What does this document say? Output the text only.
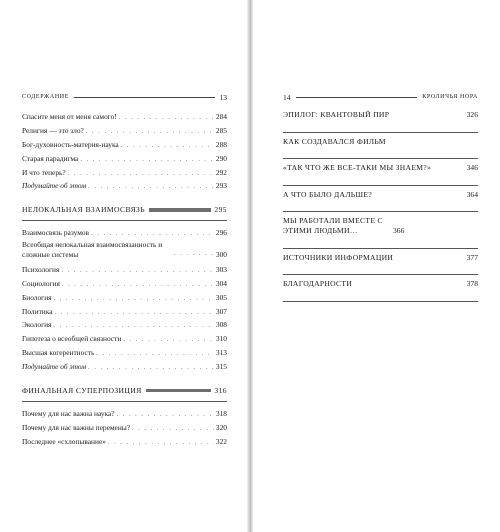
СОДЕРЖАНИЕ	13
Спасите меня от меня самого! . . .	284
Религия — это зло? . . .	285
Бог-духовность-материя-наука . . .	288
Старая парадигма . . .	290
И что теперь? . . .	292
Подумайте об этом . . .	293
НЕЛОКАЛЬНАЯ ВЗАИМОСВЯЗЬ	295
Взаимосвязь разумов . . .	296
Всеобщая нелокальная взаимосвязанность и сложные системы . . .	300
Психология . . .	303
Социология . . .	304
Биология . . .	305
Политика . . .	307
Экология . . .	308
Гипотеза о всеобщей связности . . .	310
Высшая когерентность . . .	313
Подумайте об этом . . .	315
ФИНАЛЬНАЯ СУПЕРПОЗИЦИЯ	316
Почему для нас важна наука? . . .	318
Почему для нас важны перемены? . . .	320
Последнее «схлопывание» . . .	322
14	КРОЛИЧЬЯ НОРА
ЭПИЛОГ: КВАНТОВЫЙ ПИР	326
КАК СОЗДАВАЛСЯ ФИЛЬМ
«ТАК ЧТО ЖЕ ВСЕ-ТАКИ МЫ ЗНАЕМ?»	346
А ЧТО БЫЛО ДАЛЬШЕ?	364
МЫ РАБОТАЛИ ВМЕСТЕ С ЭТИМИ ЛЮДЬМИ…	366
ИСТОЧНИКИ ИНФОРМАЦИИ	377
БЛАГОДАРНОСТИ	378
